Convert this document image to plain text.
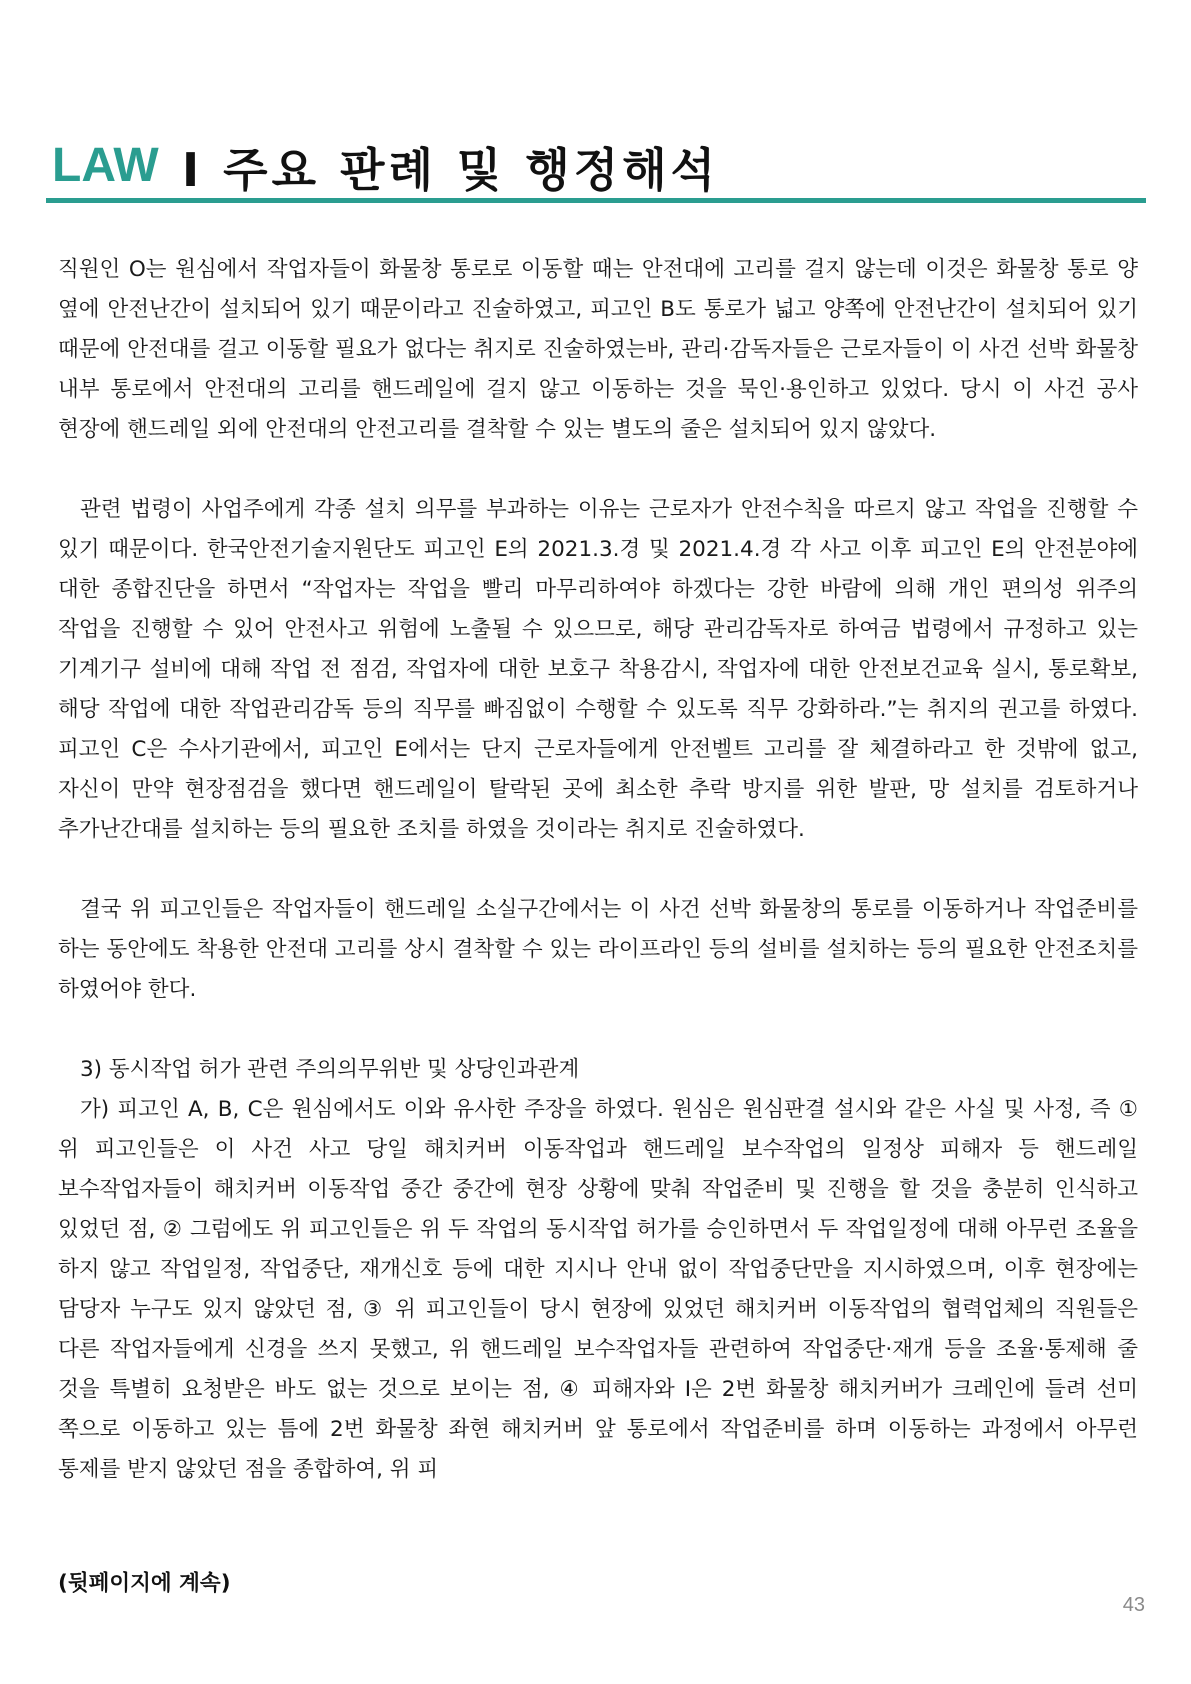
LAW I 주요 판례 및 행정해석

직원인 O는 원심에서 작업자들이 화물창 통로로 이동할 때는 안전대에 고리를 걸지 않는데 이것은 화물창 통로 양 옆에 안전난간이 설치되어 있기 때문이라고 진술하였고, 피고인 B도 통로가 넓고 양쪽에 안전난간이 설치되어 있기 때문에 안전대를 걸고 이동할 필요가 없다는 취지로 진술하였는바, 관리·감독자들은 근로자들이 이 사건 선박 화물창 내부 통로에서 안전대의 고리를 핸드레일에 걸지 않고 이동하는 것을 묵인·용인하고 있었다. 당시 이 사건 공사 현장에 핸드레일 외에 안전대의 안전고리를 결착할 수 있는 별도의 줄은 설치되어 있지 않았다.

관련 법령이 사업주에게 각종 설치 의무를 부과하는 이유는 근로자가 안전수칙을 따르지 않고 작업을 진행할 수 있기 때문이다. 한국안전기술지원단도 피고인 E의 2021.3.경 및 2021.4.경 각 사고 이후 피고인 E의 안전분야에 대한 종합진단을 하면서 “작업자는 작업을 빨리 마무리하여야 하겠다는 강한 바람에 의해 개인 편의성 위주의 작업을 진행할 수 있어 안전사고 위험에 노출될 수 있으므로, 해당 관리감독자로 하여금 법령에서 규정하고 있는 기계기구 설비에 대해 작업 전 점검, 작업자에 대한 보호구 착용감시, 작업자에 대한 안전보건교육 실시, 통로확보, 해당 작업에 대한 작업관리감독 등의 직무를 빠짐없이 수행할 수 있도록 직무 강화하라.”는 취지의 권고를 하였다. 피고인 C은 수사기관에서, 피고인 E에서는 단지 근로자들에게 안전벨트 고리를 잘 체결하라고 한 것밖에 없고, 자신이 만약 현장점검을 했다면 핸드레일이 탈락된 곳에 최소한 추락 방지를 위한 발판, 망 설치를 검토하거나 추가난간대를 설치하는 등의 필요한 조치를 하였을 것이라는 취지로 진술하였다.

결국 위 피고인들은 작업자들이 핸드레일 소실구간에서는 이 사건 선박 화물창의 통로를 이동하거나 작업준비를 하는 동안에도 착용한 안전대 고리를 상시 결착할 수 있는 라이프라인 등의 설비를 설치하는 등의 필요한 안전조치를 하였어야 한다.

3) 동시작업 허가 관련 주의의무위반 및 상당인과관계

가) 피고인 A, B, C은 원심에서도 이와 유사한 주장을 하였다. 원심은 원심판결 설시와 같은 사실 및 사정, 즉 ① 위 피고인들은 이 사건 사고 당일 해치커버 이동작업과 핸드레일 보수작업의 일정상 피해자 등 핸드레일 보수작업자들이 해치커버 이동작업 중간 중간에 현장 상황에 맞춰 작업준비 및 진행을 할 것을 충분히 인식하고 있었던 점, ② 그럼에도 위 피고인들은 위 두 작업의 동시작업 허가를 승인하면서 두 작업일정에 대해 아무런 조율을 하지 않고 작업일정, 작업중단, 재개신호 등에 대한 지시나 안내 없이 작업중단만을 지시하였으며, 이후 현장에는 담당자 누구도 있지 않았던 점, ③ 위 피고인들이 당시 현장에 있었던 해치커버 이동작업의 협력업체의 직원들은 다른 작업자들에게 신경을 쓰지 못했고, 위 핸드레일 보수작업자들 관련하여 작업중단·재개 등을 조율·통제해 줄 것을 특별히 요청받은 바도 없는 것으로 보이는 점, ④ 피해자와 I은 2번 화물창 해치커버가 크레인에 들려 선미 쪽으로 이동하고 있는 틈에 2번 화물창 좌현 해치커버 앞 통로에서 작업준비를 하며 이동하는 과정에서 아무런 통제를 받지 않았던 점을 종합하여, 위 피

(뒷페이지에 계속)
43
